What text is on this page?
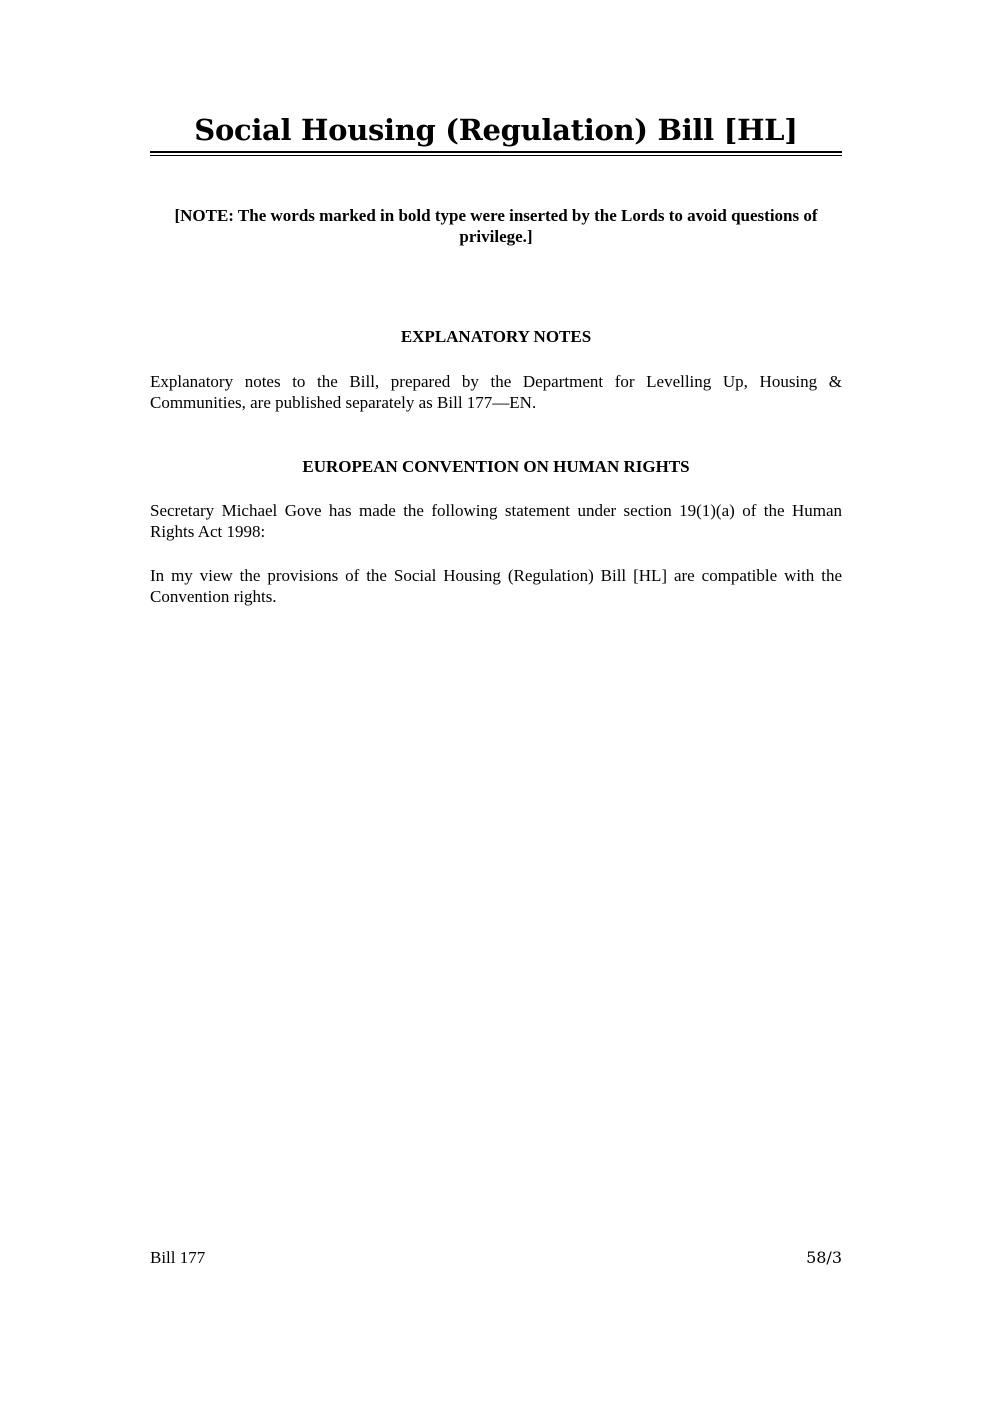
Social Housing (Regulation) Bill [HL]

[NOTE: The words marked in bold type were inserted by the Lords to avoid questions of privilege.]

EXPLANATORY NOTES

Explanatory notes to the Bill, prepared by the Department for Levelling Up, Housing & Communities, are published separately as Bill 177—EN.

EUROPEAN CONVENTION ON HUMAN RIGHTS

Secretary Michael Gove has made the following statement under section 19(1)(a) of the Human Rights Act 1998:

In my view the provisions of the Social Housing (Regulation) Bill [HL] are compatible with the Convention rights.

Bill 177	58/3
